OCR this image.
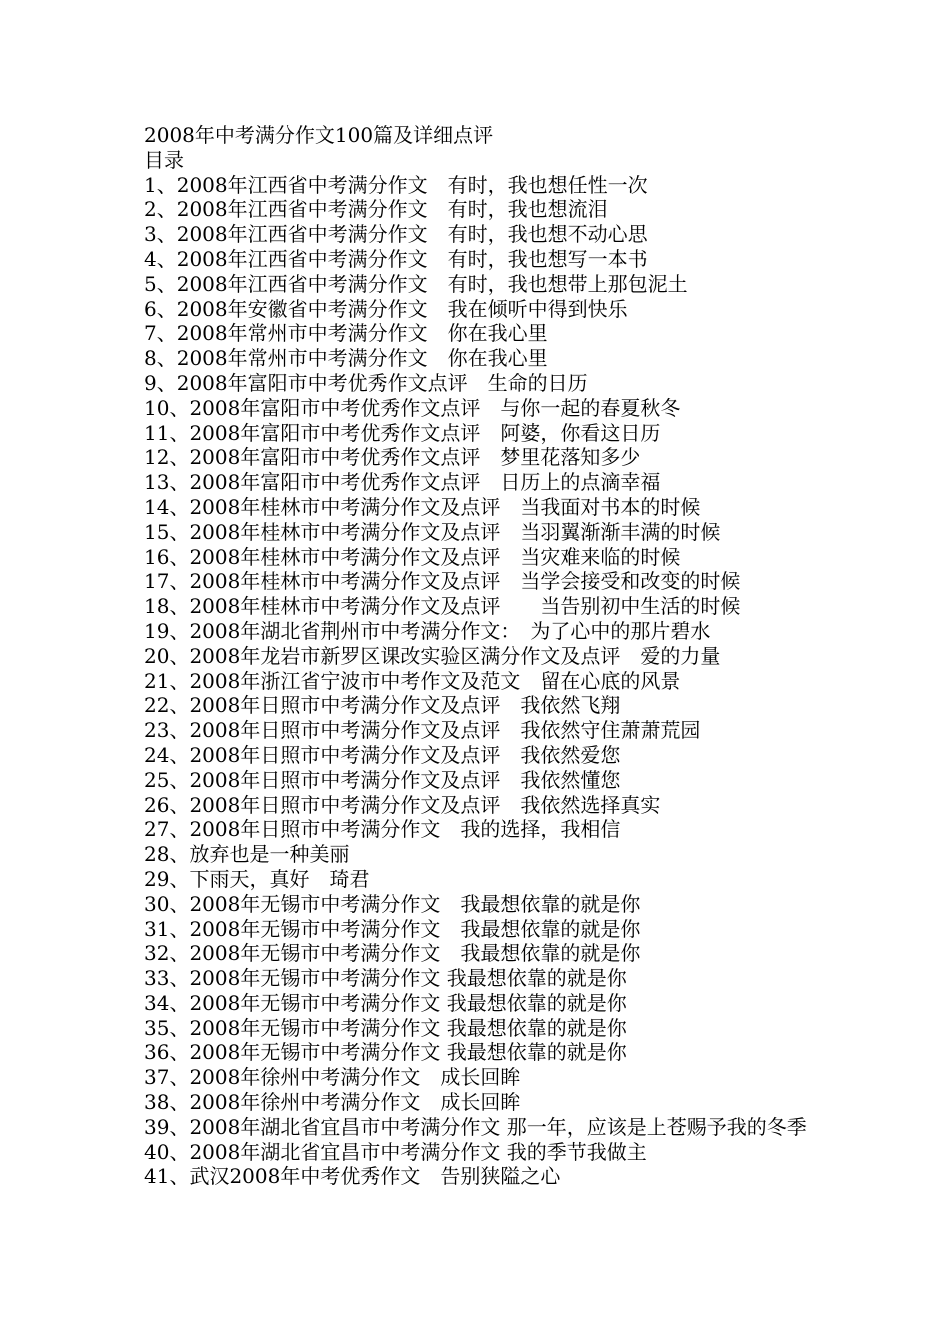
2008年中考满分作文100篇及详细点评
目录
1、2008年江西省中考满分作文　有时，我也想任性一次
2、2008年江西省中考满分作文　有时，我也想流泪
3、2008年江西省中考满分作文　有时，我也想不动心思
4、2008年江西省中考满分作文　有时，我也想写一本书
5、2008年江西省中考满分作文　有时，我也想带上那包泥土
6、2008年安徽省中考满分作文　我在倾听中得到快乐
7、2008年常州市中考满分作文　你在我心里
8、2008年常州市中考满分作文　你在我心里
9、2008年富阳市中考优秀作文点评　生命的日历
10、2008年富阳市中考优秀作文点评　与你一起的春夏秋冬
11、2008年富阳市中考优秀作文点评　阿婆，你看这日历
12、2008年富阳市中考优秀作文点评　梦里花落知多少
13、2008年富阳市中考优秀作文点评　日历上的点滴幸福
14、2008年桂林市中考满分作文及点评　当我面对书本的时候
15、2008年桂林市中考满分作文及点评　当羽翼渐渐丰满的时候
16、2008年桂林市中考满分作文及点评　当灾难来临的时候
17、2008年桂林市中考满分作文及点评　当学会接受和改变的时候
18、2008年桂林市中考满分作文及点评　　当告别初中生活的时候
19、2008年湖北省荆州市中考满分作文：　为了心中的那片碧水
20、2008年龙岩市新罗区课改实验区满分作文及点评　爱的力量
21、2008年浙江省宁波市中考作文及范文　留在心底的风景
22、2008年日照市中考满分作文及点评　我依然飞翔
23、2008年日照市中考满分作文及点评　我依然守住萧萧荒园
24、2008年日照市中考满分作文及点评　我依然爱您
25、2008年日照市中考满分作文及点评　我依然懂您
26、2008年日照市中考满分作文及点评　我依然选择真实
27、2008年日照市中考满分作文　我的选择，我相信
28、放弃也是一种美丽
29、下雨天，真好　琦君
30、2008年无锡市中考满分作文　我最想依靠的就是你
31、2008年无锡市中考满分作文　我最想依靠的就是你
32、2008年无锡市中考满分作文　我最想依靠的就是你
33、2008年无锡市中考满分作文 我最想依靠的就是你
34、2008年无锡市中考满分作文 我最想依靠的就是你
35、2008年无锡市中考满分作文 我最想依靠的就是你
36、2008年无锡市中考满分作文 我最想依靠的就是你
37、2008年徐州中考满分作文　成长回眸
38、2008年徐州中考满分作文　成长回眸
39、2008年湖北省宜昌市中考满分作文 那一年，应该是上苍赐予我的冬季
40、2008年湖北省宜昌市中考满分作文 我的季节我做主
41、武汉2008年中考优秀作文　告别狭隘之心
